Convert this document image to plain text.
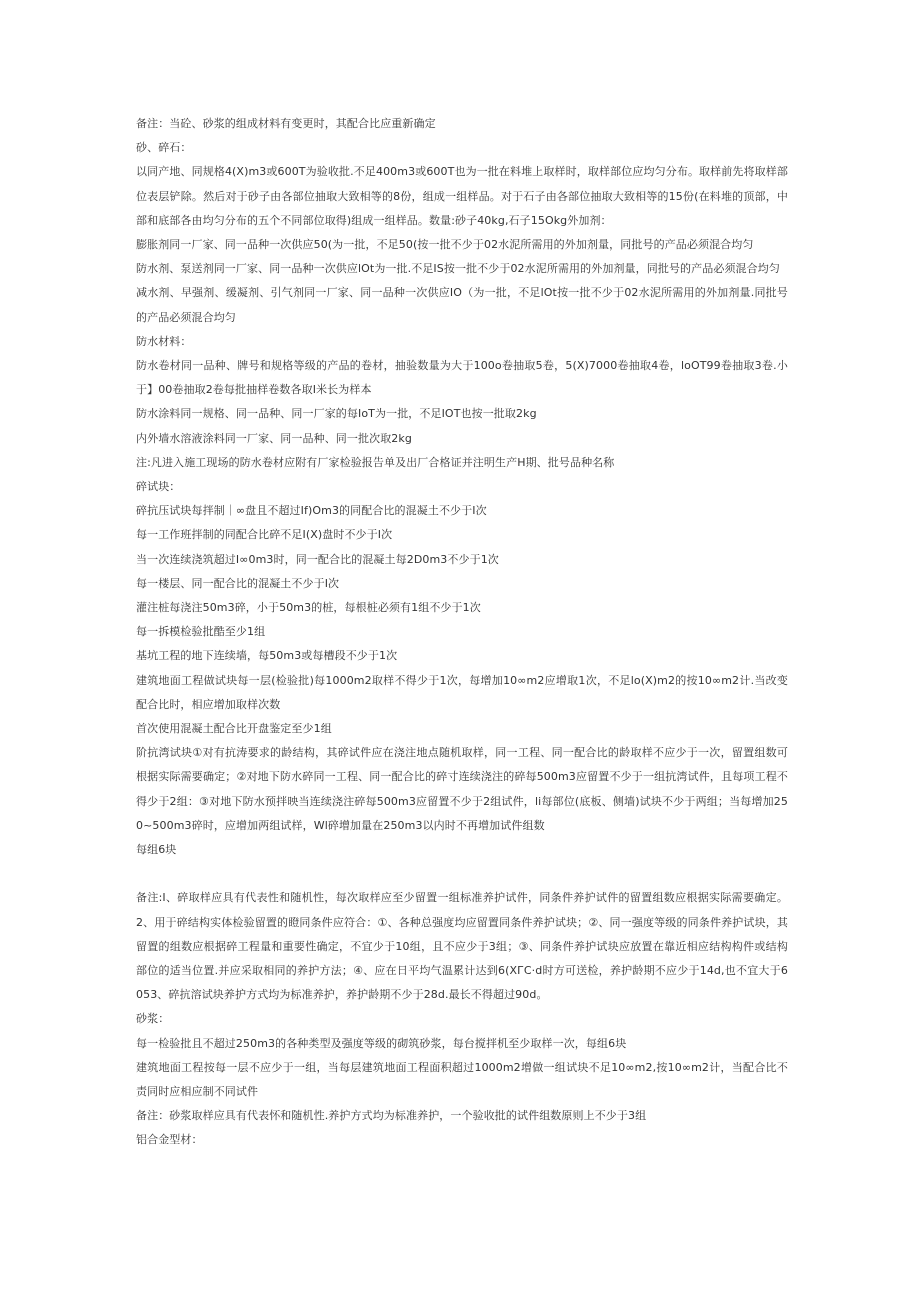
备注：当砼、砂浆的组成材料有变更时，其配合比应重新确定

砂、碎石：

以同产地、同规格4(X)m3或600T为验收批.不足400m3或600T也为一批在料堆上取样时，取样部位应均匀分布。取样前先将取样部位表层铲除。然后对于砂子由各部位抽取大致相等的8份，组成一组样品。对于石子由各部位抽取大致相等的15份(在料堆的顶部，中部和底部各由均匀分布的五个不同部位取得)组成一组样品。数量:砂子40kg,石子15Okg外加剂：

膨胀剂同一厂家、同一品种一次供应50(为一批，不足50(按一批不少于02水泥所需用的外加剂量，同批号的产品必须混合均匀

防水剂、泵送剂同一厂家、同一品种一次供应lOt为一批.不足IS按一批不少于02水泥所需用的外加剂量，同批号的产品必须混合均匀

减水剂、早强剂、缓凝剂、引气剂同一厂家、同一品种一次供应IO（为一批，不足lOt按一批不少于02水泥所需用的外加剂量.同批号的产品必须混合均匀

防水材料：

防水卷材同一品种、牌号和规格等级的产品的卷材，抽验数量为大于100o卷抽取5卷，5(X)7000卷抽取4卷，loOT99卷抽取3卷.小于】00卷抽取2卷每批抽样卷数各取I米长为样本

防水涂料同一规格、同一品种、同一厂家的每IoT为一批，不足IOT也按一批取2kg

内外墙水溶液涂料同一厂家、同一品种、同一批次取2kg

注:凡进入施工现场的防水卷材应附有厂家检验报告单及出厂合格证并注明生产H期、批号品种名称

碎试块：

碎抗压试块每拌制｜∞盘且不超过If)Om3的同配合比的混凝土不少于I次

每一工作班拌制的同配合比碎不足I(X)盘时不少于I次

当一次连续浇筑超过I∞0m3时，同一配合比的混凝土每2D0m3不少于1次

每一楼层、同一配合比的混凝土不少于I次

灌注桩每浇注50m3碎，小于50m3的桩，每根桩必须有1组不少于1次

每一拆模检验批酷至少1组

基坑工程的地下连续墙，每50m3或每槽段不少于1次

建筑地面工程做试块每一层(检验批)每1000m2取样不得少于1次，每增加10∞m2应增取1次，不足lo(X)m2的按10∞m2计.当改变配合比时，相应增加取样次数

首次使用混凝土配合比开盘鉴定至少1组

阶抗湾试块①对有抗涛要求的龄结构，其碎试件应在浇注地点随机取样，同一工程、同一配合比的龄取样不应少于一次，留置组数可根据实际需要确定；②对地下防水碎同一工程、同一配合比的碎寸连续浇注的碎每500m3应留置不少于一组抗湾试件，且每项工程不得少于2组：③对地下防水预拌映当连续浇注碎每500m3应留置不少于2组试件，li每部位(底板、侧墙)试块不少于两组；当每增加250~500m3碎时，应增加两组试样，Wl碎增加量在250m3以内时不再增加试件组数

每组6块

备注:I、碎取样应具有代表性和随机性，每次取样应至少留置一组标准养护试件，同条件养护试件的留置组数应根据实际需要确定。2、用于碎结构实体检验留置的瞪同条件应符合：①、各种总强度均应留置同条件养护试块；②、同一强度等级的同条件养护试块，其留置的组数应根据碎工程量和重要性确定，不宜少于10组，且不应少于3组；③、同条件养护试块应放置在靠近相应结构构件或结构部位的适当位置.并应采取相同的养护方法；④、应在日平均气温累计达到6(XГС·d时方可送检，养护龄期不应少于14d,也不宜大于6053、碎抗溶试块养护方式均为标准养护，养护龄期不少于28d.最长不得超过90d。

砂浆：

每一检验批且不超过250m3的各种类型及强度等级的砌筑砂浆，每台搅拌机至少取样一次，每组6块

建筑地面工程按每一层不应少于一组，当每层建筑地面工程面积超过1000m2增做一组试块不足10∞m2,按10∞m2计，当配合比不责同时应相应制不同试件

备注：砂浆取样应具有代表怀和随机性.养护方式均为标准养护，一个验收批的试件组数原则上不少于3组

铝合金型材：
